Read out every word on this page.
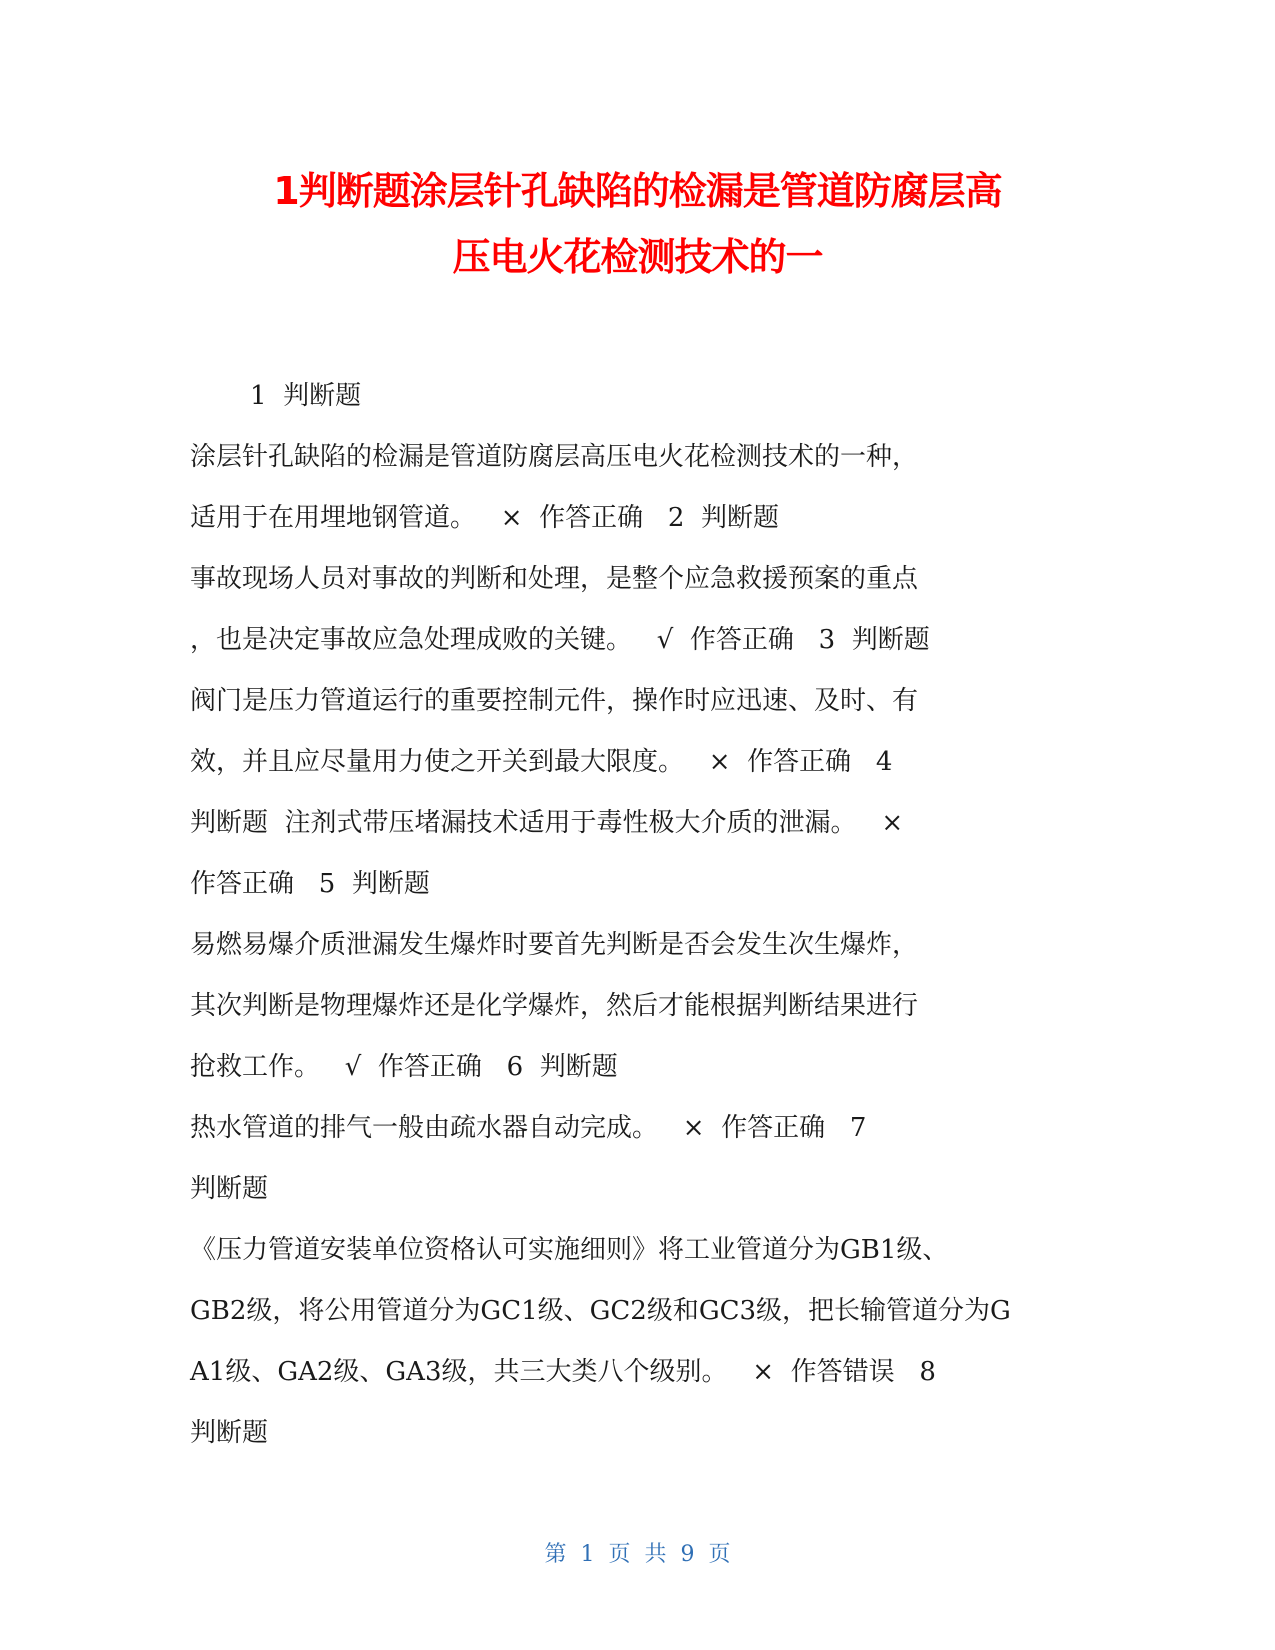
1判断题涂层针孔缺陷的检漏是管道防腐层高
压电火花检测技术的一
1  判断题
涂层针孔缺陷的检漏是管道防腐层高压电火花检测技术的一种，
适用于在用埋地钢管道。   ×  作答正确   2  判断题
事故现场人员对事故的判断和处理，是整个应急救援预案的重点
，也是决定事故应急处理成败的关键。   √  作答正确   3  判断题
阀门是压力管道运行的重要控制元件，操作时应迅速、及时、有
效，并且应尽量用力使之开关到最大限度。   ×  作答正确   4
判断题  注剂式带压堵漏技术适用于毒性极大介质的泄漏。   ×
作答正确   5  判断题
易燃易爆介质泄漏发生爆炸时要首先判断是否会发生次生爆炸，
其次判断是物理爆炸还是化学爆炸，然后才能根据判断结果进行
抢救工作。   √  作答正确   6  判断题
热水管道的排气一般由疏水器自动完成。   ×  作答正确   7
判断题
《压力管道安装单位资格认可实施细则》将工业管道分为GB1级、
GB2级，将公用管道分为GC1级、GC2级和GC3级，把长输管道分为G
A1级、GA2级、GA3级，共三大类八个级别。   ×  作答错误   8
判断题
第  1  页  共  9  页
